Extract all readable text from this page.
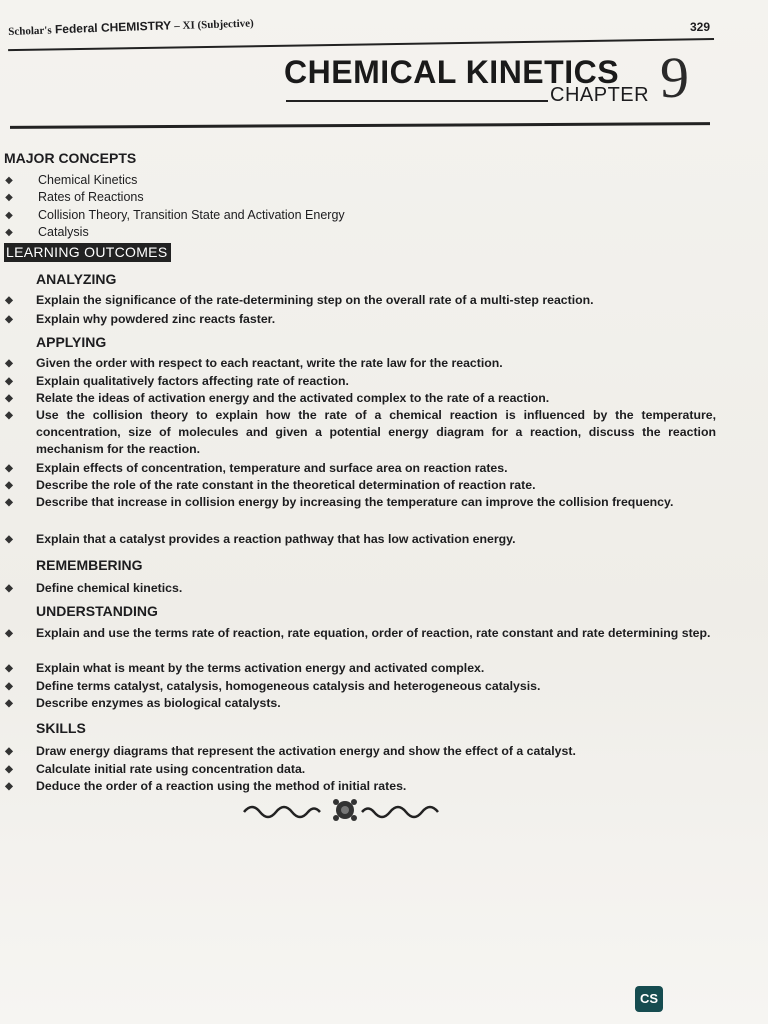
Scholar's Federal CHEMISTRY – XI (Subjective)	329
CHEMICAL KINETICS
CHAPTER 9
MAJOR CONCEPTS
◆ Chemical Kinetics
◆ Rates of Reactions
◆ Collision Theory, Transition State and Activation Energy
◆ Catalysis
LEARNING OUTCOMES
ANALYZING
◆ Explain the significance of the rate-determining step on the overall rate of a multi-step reaction.
◆ Explain why powdered zinc reacts faster.
APPLYING
◆ Given the order with respect to each reactant, write the rate law for the reaction.
◆ Explain qualitatively factors affecting rate of reaction.
◆ Relate the ideas of activation energy and the activated complex to the rate of a reaction.
◆ Use the collision theory to explain how the rate of a chemical reaction is influenced by the temperature, concentration, size of molecules and given a potential energy diagram for a reaction, discuss the reaction mechanism for the reaction.
◆ Explain effects of concentration, temperature and surface area on reaction rates.
◆ Describe the role of the rate constant in the theoretical determination of reaction rate.
◆ Describe that increase in collision energy by increasing the temperature can improve the collision frequency.
◆ Explain that a catalyst provides a reaction pathway that has low activation energy.
REMEMBERING
◆ Define chemical kinetics.
UNDERSTANDING
◆ Explain and use the terms rate of reaction, rate equation, order of reaction, rate constant and rate determining step.
◆ Explain what is meant by the terms activation energy and activated complex.
◆ Define terms catalyst, catalysis, homogeneous catalysis and heterogeneous catalysis.
◆ Describe enzymes as biological catalysts.
SKILLS
◆ Draw energy diagrams that represent the activation energy and show the effect of a catalyst.
◆ Calculate initial rate using concentration data.
◆ Deduce the order of a reaction using the method of initial rates.
CS
